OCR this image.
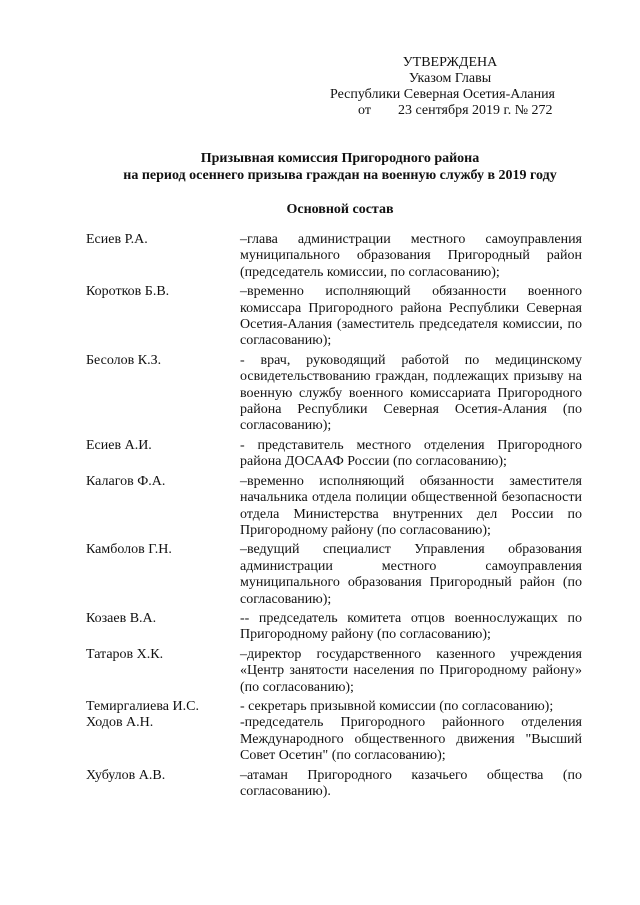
УТВЕРЖДЕНА
Указом Главы
Республики Северная Осетия-Алания
от 23 сентября 2019 г. № 272
Призывная комиссия Пригородного района
на период осеннего призыва граждан на военную службу в 2019 году
Основной состав
Есиев Р.А.	–глава администрации местного самоуправления муниципального образования Пригородный район (председатель комиссии, по согласованию);
Коротков Б.В.	–временно исполняющий обязанности военного комиссара Пригородного района Республики Северная Осетия-Алания (заместитель председателя комиссии, по согласованию);
Бесолов К.З.	- врач, руководящий работой по медицинскому освидетельствованию граждан, подлежащих призыву на военную службу военного комиссариата Пригородного района Республики Северная Осетия-Алания (по согласованию);
Есиев А.И.	- представитель местного отделения Пригородного района ДОСААФ России (по согласованию);
Калагов Ф.А.	–временно исполняющий обязанности заместителя начальника отдела полиции общественной безопасности отдела Министерства внутренних дел России по Пригородному району (по согласованию);
Камболов Г.Н.	–ведущий специалист Управления образования администрации местного самоуправления муниципального образования Пригородный район (по согласованию);
Козаев В.А.	-- председатель комитета отцов военнослужащих по Пригородному району (по согласованию);
Татаров Х.К.	–директор государственного казенного учреждения «Центр занятости населения по Пригородному району» (по согласованию);
Темиргалиева И.С.	- секретарь призывной комиссии (по согласованию);
Ходов А.Н.	-председатель Пригородного районного отделения Международного общественного движения "Высший Совет Осетин" (по согласованию);
Хубулов А.В.	–атаман Пригородного казачьего общества (по согласованию).
